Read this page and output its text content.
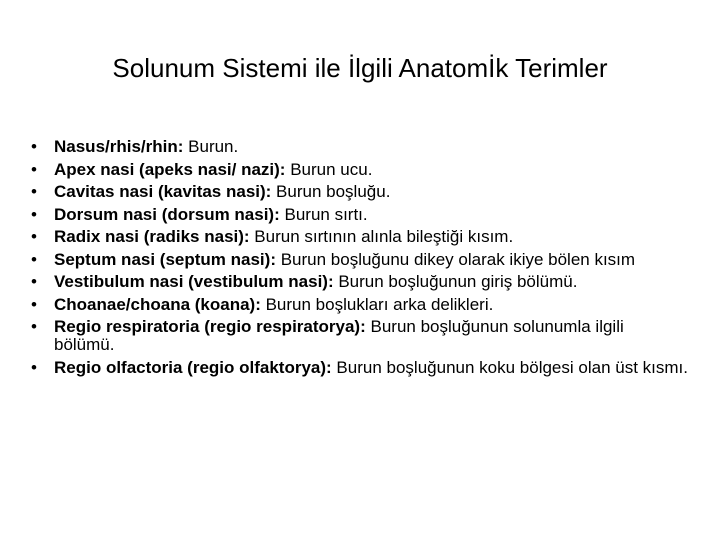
Solunum Sistemi ile İlgili Anatomİk Terimler
• Nasus/rhis/rhin: Burun.
• Apex nasi (apeks nasi/ nazi): Burun ucu.
• Cavitas nasi (kavitas nasi): Burun boşluğu.
• Dorsum nasi (dorsum nasi): Burun sırtı.
• Radix nasi (radiks nasi): Burun sırtının alınla bileştiği kısım.
• Septum nasi (septum nasi): Burun boşluğunu dikey olarak ikiye bölen kısım
• Vestibulum nasi (vestibulum nasi): Burun boşluğunun giriş bölümü.
• Choanae/choana (koana): Burun boşlukları arka delikleri.
• Regio respiratoria (regio respiratorya): Burun boşluğunun solunumla ilgili bölümü.
• Regio olfactoria (regio olfaktorya): Burun boşluğunun koku bölgesi olan üst kısmı.
